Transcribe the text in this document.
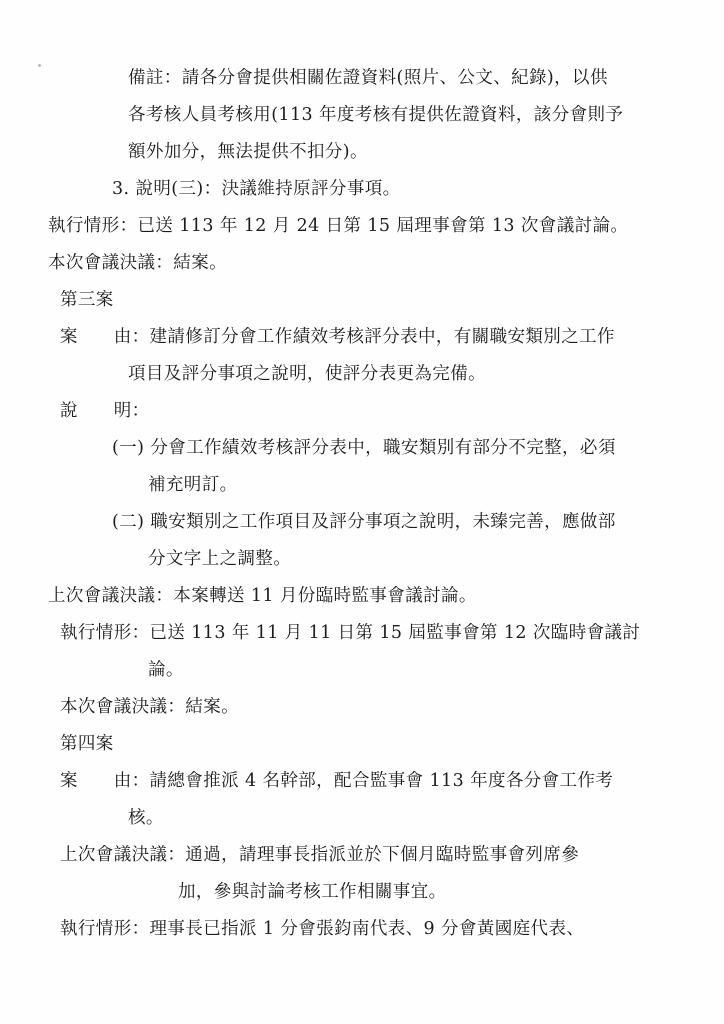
備註：請各分會提供相關佐證資料(照片、公文、紀錄)，以供
各考核人員考核用(113 年度考核有提供佐證資料，該分會則予
額外加分，無法提供不扣分)。
3. 說明(三)：決議維持原評分事項。
執行情形：已送 113 年 12 月 24 日第 15 屆理事會第 13 次會議討論。
本次會議決議：結案。
第三案
案　　由：建請修訂分會工作績效考核評分表中，有關職安類別之工作
項目及評分事項之說明，使評分表更為完備。
說　　明：
(一) 分會工作績效考核評分表中，職安類別有部分不完整，必須
補充明訂。
(二) 職安類別之工作項目及評分事項之說明，未臻完善，應做部
分文字上之調整。
上次會議決議：本案轉送 11 月份臨時監事會議討論。
執行情形：已送 113 年 11 月 11 日第 15 屆監事會第 12 次臨時會議討
論。
本次會議決議：結案。
第四案
案　　由：請總會推派 4 名幹部，配合監事會 113 年度各分會工作考
核。
上次會議決議：通過，請理事長指派並於下個月臨時監事會列席參
加，參與討論考核工作相關事宜。
執行情形：理事長已指派 1 分會張鈞南代表、9 分會黃國庭代表、
